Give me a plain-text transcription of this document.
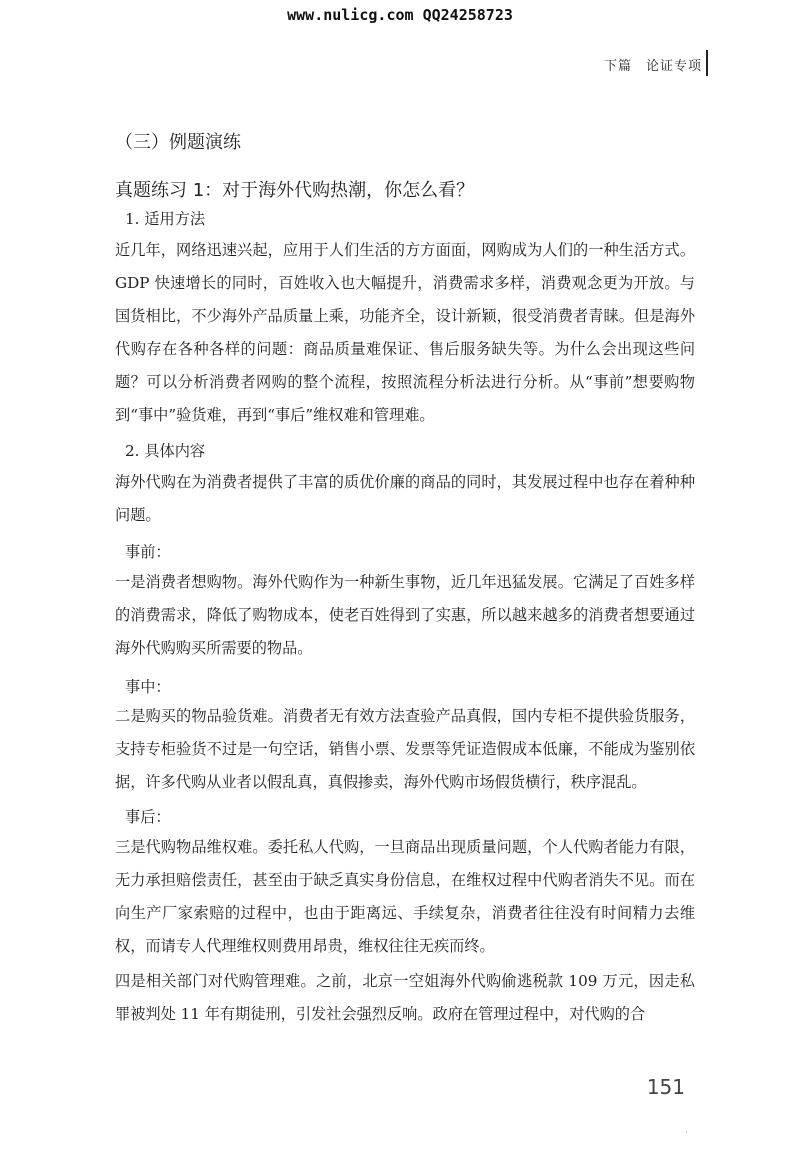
www.nulicg.com QQ24258723
下篇　论证专项
（三）例题演练
真题练习 1：对于海外代购热潮，你怎么看？
1. 适用方法
近几年，网络迅速兴起，应用于人们生活的方方面面，网购成为人们的一种生活方式。GDP 快速增长的同时，百姓收入也大幅提升，消费需求多样，消费观念更为开放。与国货相比，不少海外产品质量上乘，功能齐全，设计新颖，很受消费者青睐。但是海外代购存在各种各样的问题：商品质量难保证、售后服务缺失等。为什么会出现这些问题？可以分析消费者网购的整个流程，按照流程分析法进行分析。从“事前”想要购物到“事中”验货难，再到“事后”维权难和管理难。
2. 具体内容
海外代购在为消费者提供了丰富的质优价廉的商品的同时，其发展过程中也存在着种种问题。
事前：
一是消费者想购物。海外代购作为一种新生事物，近几年迅猛发展。它满足了百姓多样的消费需求，降低了购物成本，使老百姓得到了实惠，所以越来越多的消费者想要通过海外代购购买所需要的物品。
事中：
二是购买的物品验货难。消费者无有效方法查验产品真假，国内专柜不提供验货服务，支持专柜验货不过是一句空话，销售小票、发票等凭证造假成本低廉，不能成为鉴别依据，许多代购从业者以假乱真，真假掺卖，海外代购市场假货横行，秩序混乱。
事后：
三是代购物品维权难。委托私人代购，一旦商品出现质量问题，个人代购者能力有限，无力承担赔偿责任，甚至由于缺乏真实身份信息，在维权过程中代购者消失不见。而在向生产厂家索赔的过程中，也由于距离远、手续复杂，消费者往往没有时间精力去维权，而请专人代理维权则费用昂贵，维权往往无疾而终。
四是相关部门对代购管理难。之前，北京一空姐海外代购偷逃税款 109 万元，因走私罪被判处 11 年有期徒刑，引发社会强烈反响。政府在管理过程中，对代购的合
151
·
